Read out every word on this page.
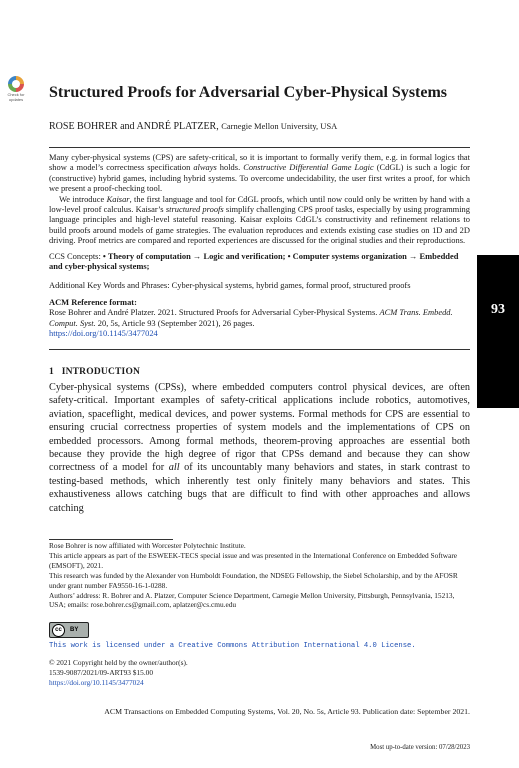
Check for updates	Structured Proofs for Adversarial Cyber-Physical Systems
ROSE BOHRER and ANDRÉ PLATZER, Carnegie Mellon University, USA

Many cyber-physical systems (CPS) are safety-critical, so it is important to formally verify them, e.g. in formal logics that show a model’s correctness specification always holds. Constructive Differential Game Logic (CdGL) is such a logic for (constructive) hybrid games, including hybrid systems. To overcome undecidability, the user first writes a proof, for which we present a proof-checking tool.

We introduce Kaisar, the first language and tool for CdGL proofs, which until now could only be written by hand with a low-level proof calculus. Kaisar’s structured proofs simplify challenging CPS proof tasks, especially by using programming language principles and high-level stateful reasoning. Kaisar exploits CdGL’s constructivity and refinement relations to build proofs around models of game strategies. The evaluation reproduces and extends existing case studies on 1D and 2D driving. Proof metrics are compared and reported experiences are discussed for the original studies and their reproductions.

CCS Concepts: • Theory of computation → Logic and verification; • Computer systems organization → Embedded and cyber-physical systems;

Additional Key Words and Phrases: Cyber-physical systems, hybrid games, formal proof, structured proofs
ACM Reference format:
Rose Bohrer and André Platzer. 2021. Structured Proofs for Adversarial Cyber-Physical Systems. ACM Trans. Embedd. Comput. Syst. 20, 5s, Article 93 (September 2021), 26 pages.
https://doi.org/10.1145/3477024
93
1 INTRODUCTION

Cyber-physical systems (CPSs), where embedded computers control physical devices, are often safety-critical. Important examples of safety-critical applications include robotics, automotives, aviation, spaceflight, medical devices, and power systems. Formal methods for CPS are essential to ensuring crucial correctness properties of system models and the implementations of CPS on embedded processors. Among formal methods, theorem-proving approaches are essential both because they provide the high degree of rigor that CPSs demand and because they can show correctness of a model for all of its uncountably many behaviors and states, in stark contrast to testing-based methods, which inherently test only finitely many behaviors and states. This exhaustiveness allows catching bugs that are difficult to find with other approaches and allows catching

Rose Bohrer is now affiliated with Worcester Polytechnic Institute.

This article appears as part of the ESWEEK-TECS special issue and was presented in the International Conference on Embedded Software (EMSOFT), 2021.

This research was funded by the Alexander von Humboldt Foundation, the NDSEG Fellowship, the Siebel Scholarship, and by the AFOSR under grant number FA9550-16-1-0288.

Authors’ address: R. Bohrer and A. Platzer, Computer Science Department, Carnegie Mellon University, Pittsburgh, Pennsylvania, 15213, USA; emails: rose.bohrer.cs@gmail.com, aplatzer@cs.cmu.edu

cc	BY
This work is licensed under a Creative Commons Attribution International 4.0 License.

© 2021 Copyright held by the owner/author(s).

1539-9087/2021/09-ART93 $15.00

https://doi.org/10.1145/3477024

ACM Transactions on Embedded Computing Systems, Vol. 20, No. 5s, Article 93. Publication date: September 2021.
Most up-to-date version: 07/28/2023
